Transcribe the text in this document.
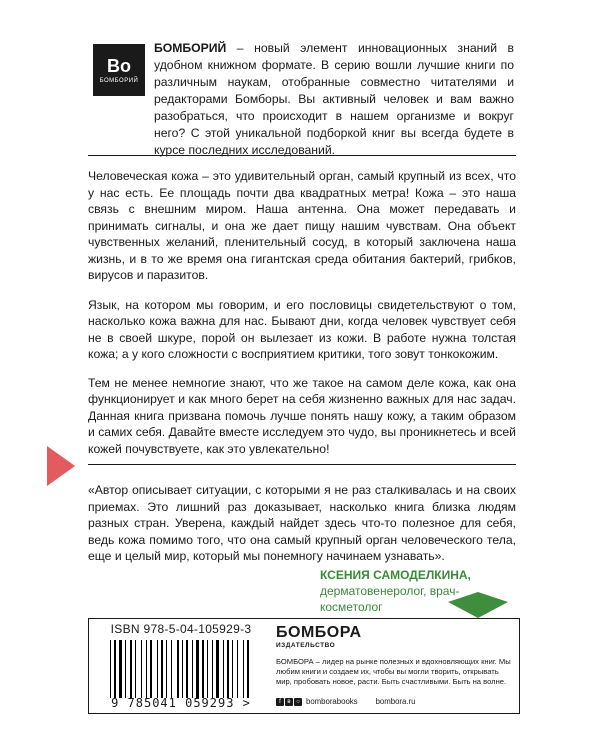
Bo
БОМБОРИЙ
БОМБОРИЙ – новый элемент инновационных знаний в удобном книжном формате. В серию вошли лучшие книги по различным наукам, отобранные совместно читателями и редакторами Бомборы. Вы активный человек и вам важно разобраться, что происходит в нашем организме и вокруг него? С этой уникальной подборкой книг вы всегда будете в курсе последних исследований.

Человеческая кожа – это удивительный орган, самый крупный из всех, что у нас есть. Ее площадь почти два квадратных метра! Кожа – это наша связь с внешним миром. Наша антенна. Она может передавать и принимать сигналы, и она же дает пищу нашим чувствам. Она объект чувственных желаний, пленительный сосуд, в который заключена наша жизнь, и в то же время она гигантская среда обитания бактерий, грибков, вирусов и паразитов.

Язык, на котором мы говорим, и его пословицы свидетельствуют о том, насколько кожа важна для нас. Бывают дни, когда человек чувствует себя не в своей шкуре, порой он вылезает из кожи. В работе нужна толстая кожа; а у кого сложности с восприятием критики, того зовут тонкокожим.

Тем не менее немногие знают, что же такое на самом деле кожа, как она функционирует и как много берет на себя жизненно важных для нас задач. Данная книга призвана помочь лучше понять нашу кожу, а таким образом и самих себя. Давайте вместе исследуем это чудо, вы проникнетесь и всей кожей почувствуете, как это увлекательно!

«Автор описывает ситуации, с которыми я не раз сталкивалась и на своих приемах. Это лишний раз доказывает, насколько книга близка людям разных стран. Уверена, каждый найдет здесь что-то полезное для себя, ведь кожа помимо того, что она самый крупный орган человеческого тела, еще и целый мир, который мы понемногу начинаем узнавать».
КСЕНИЯ САМОДЕЛКИНА, дерматовенеролог, врач-косметолог
ISBN 978-5-04-105929-3
9 785041 059293 >
БОМБОРА
ИЗДАТЕЛЬСТВО
БОМБОРА – лидер на рынке полезных и вдохновляющих книг. Мы любим книги и создаем их, чтобы вы могли творить, открывать мир, пробовать новое, расти. Быть счастливыми. Быть на волне.
f	в ○ bomborabooks bombora.ru
